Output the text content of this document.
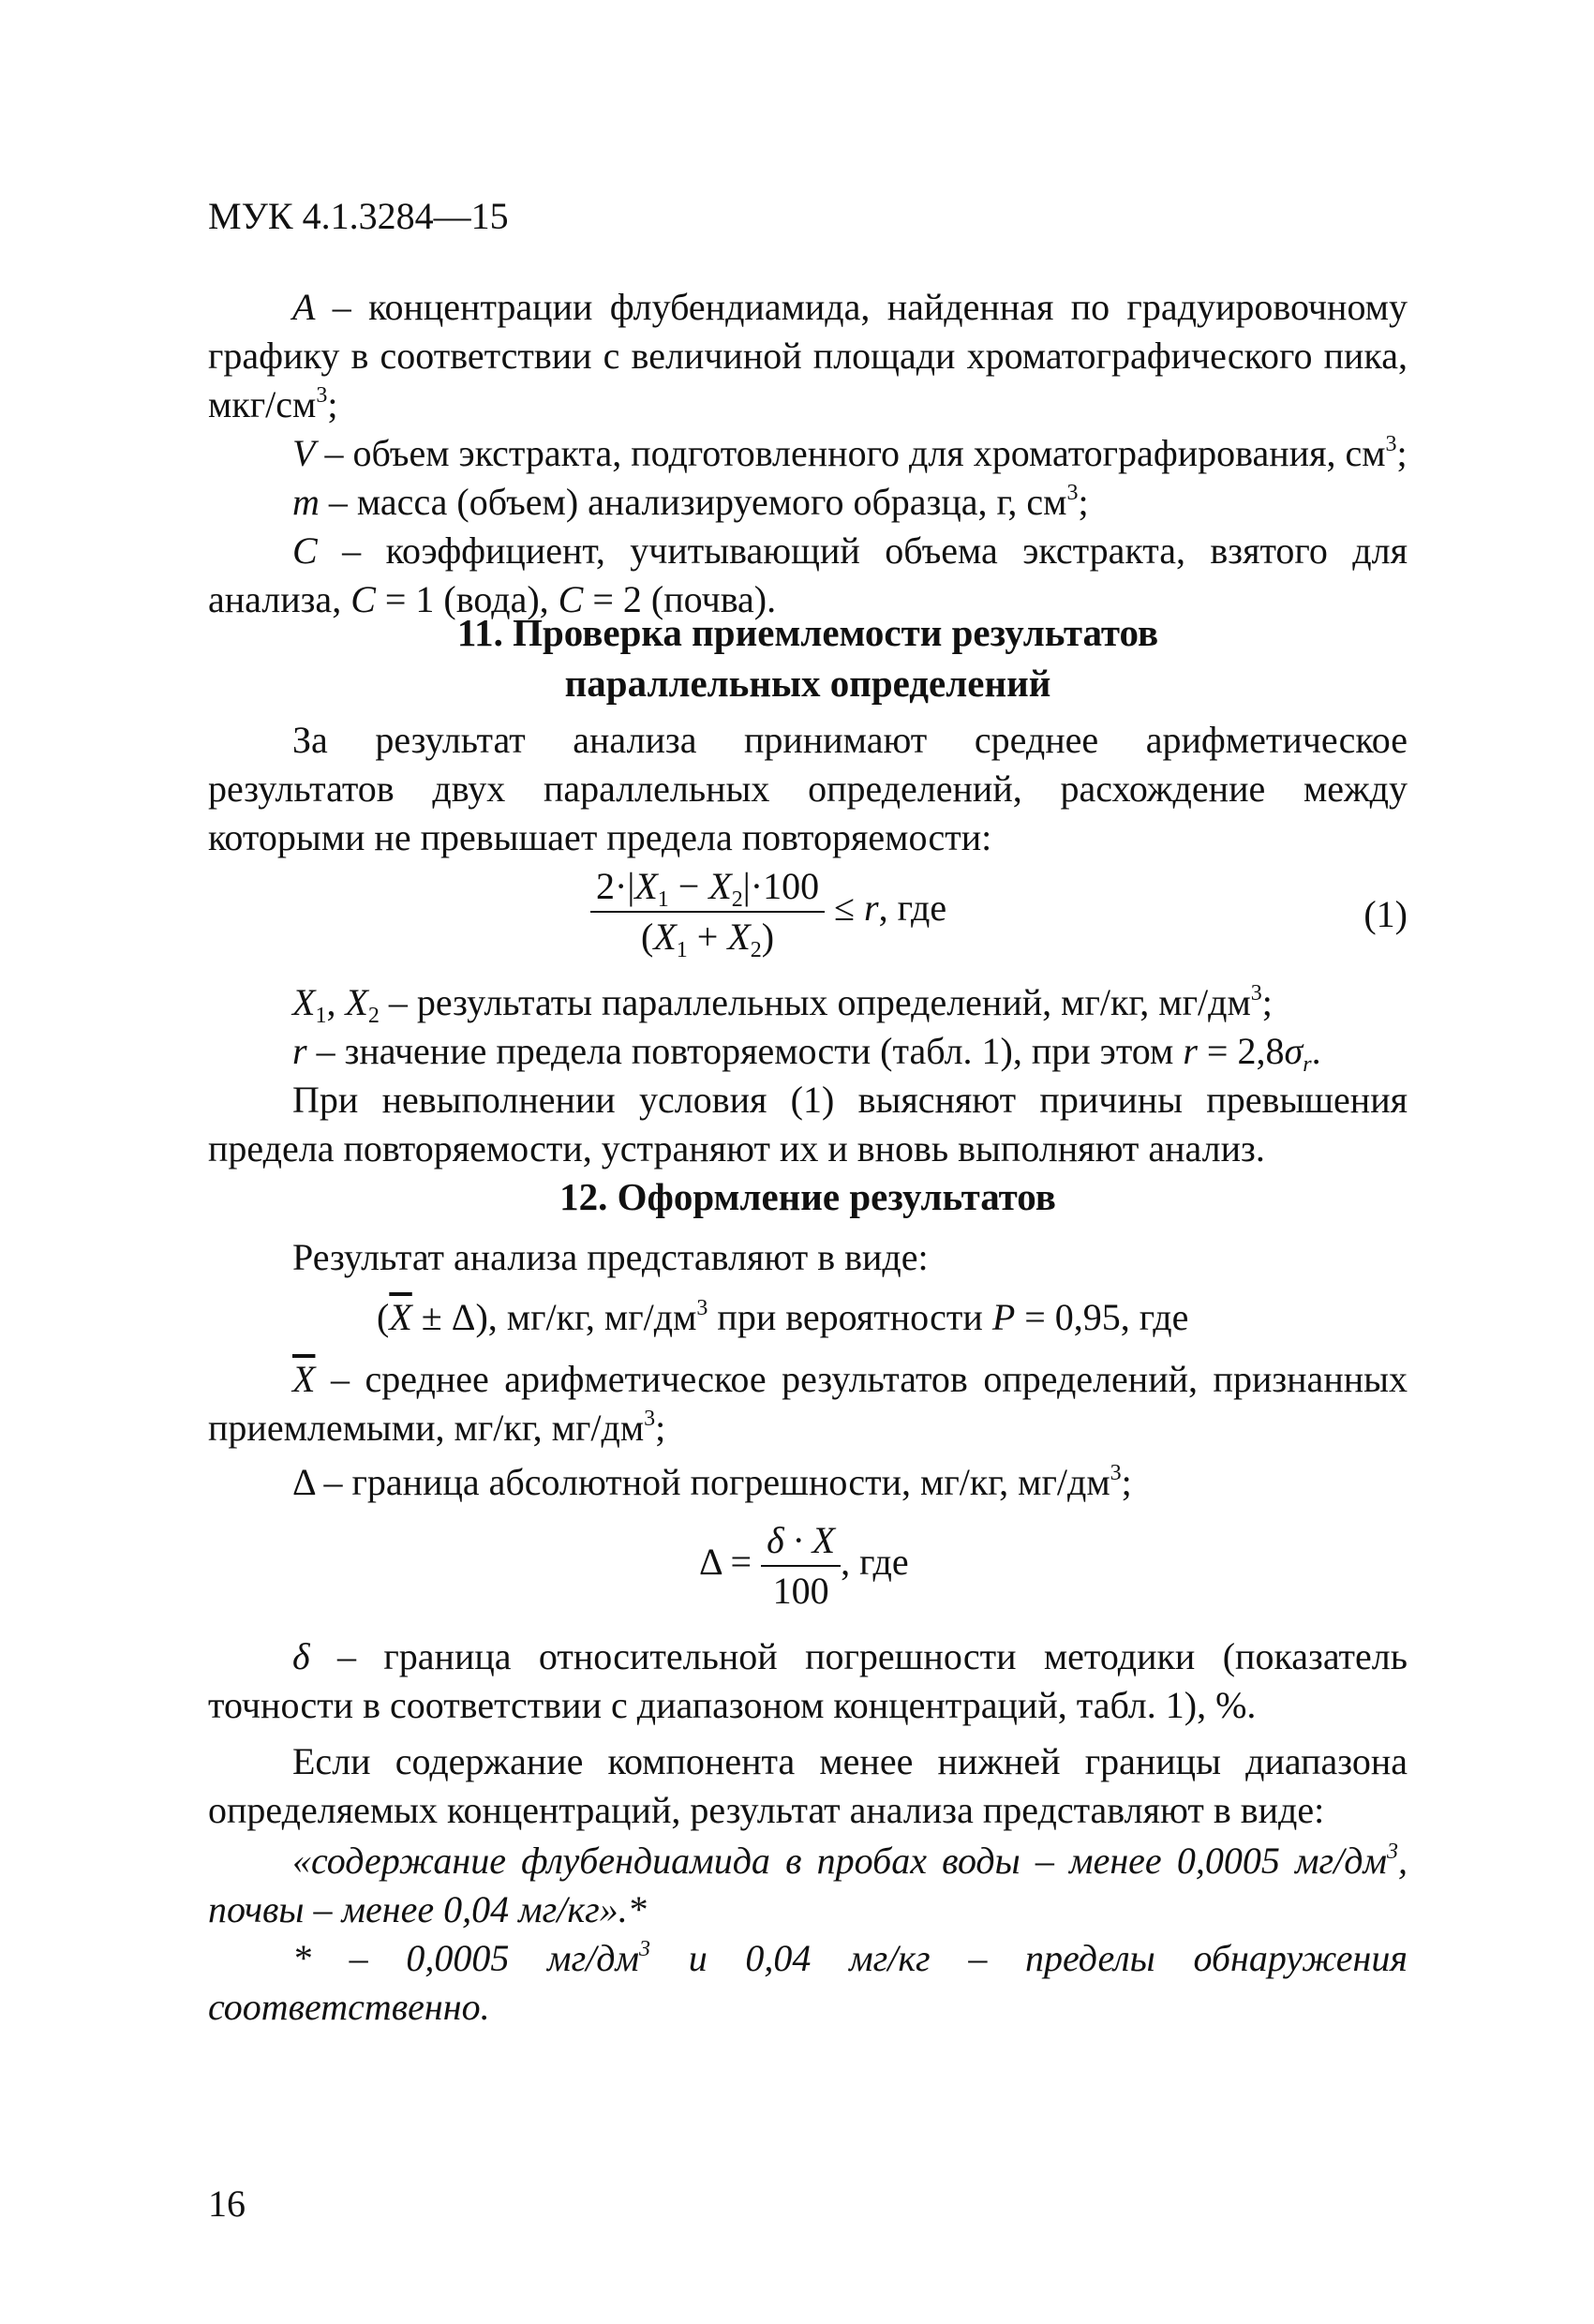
МУК 4.1.3284—15

A – концентрации флубендиамида, найденная по градуировочному графику в соответствии с величиной площади хроматографического пика, мкг/$см^3$;

V – объем экстракта, подготовленного для хроматографирования, $см^3$;

m – масса (объем) анализируемого образца, г, $см^3$;

C – коэффициент, учитывающий объема экстракта, взятого для анализа, C = 1 (вода), C = 2 (почва).

11. Проверка приемлемости результатов

параллельных определений

За результат анализа принимают среднее арифметическое результатов двух параллельных определений, расхождение между которыми не превышает предела повторяемости:

$\frac{2\cdot|X_1 - X_2|\cdot 100}{(X_1 + X_2)} \le r$, где	(1)

$X_1$, $X_2$ – результаты параллельных определений, мг/кг, $мг/дм^3$;

r – значение предела повторяемости (табл. 1), при этом $r = 2,8\sigma_r$.

При невыполнении условия (1) выясняют причины превышения предела повторяемости, устраняют их и вновь выполняют анализ.

12. Оформление результатов

Результат анализа представляют в виде:

$(\overline{X} \pm \Delta)$, мг/кг, $мг/дм^3$ при вероятности P = 0,95, где

$\overline{X}$ – среднее арифметическое результатов определений, признанных приемлемыми, мг/кг, $мг/дм^3$;

Δ – граница абсолютной погрешности, мг/кг, $мг/дм^3$;

$\Delta = \frac{\delta \cdot X}{100}$ , где

δ – граница относительной погрешности методики (показатель точности в соответствии с диапазоном концентраций, табл. 1), %.

Если содержание компонента менее нижней границы диапазона определяемых концентраций, результат анализа представляют в виде:

«содержание флубендиамида в пробах воды – менее 0,0005 $мг/дм^3$, почвы – менее 0,04 мг/кг».*

* – 0,0005 $мг/дм^3$ и 0,04 мг/кг – пределы обнаружения соответственно.

16
